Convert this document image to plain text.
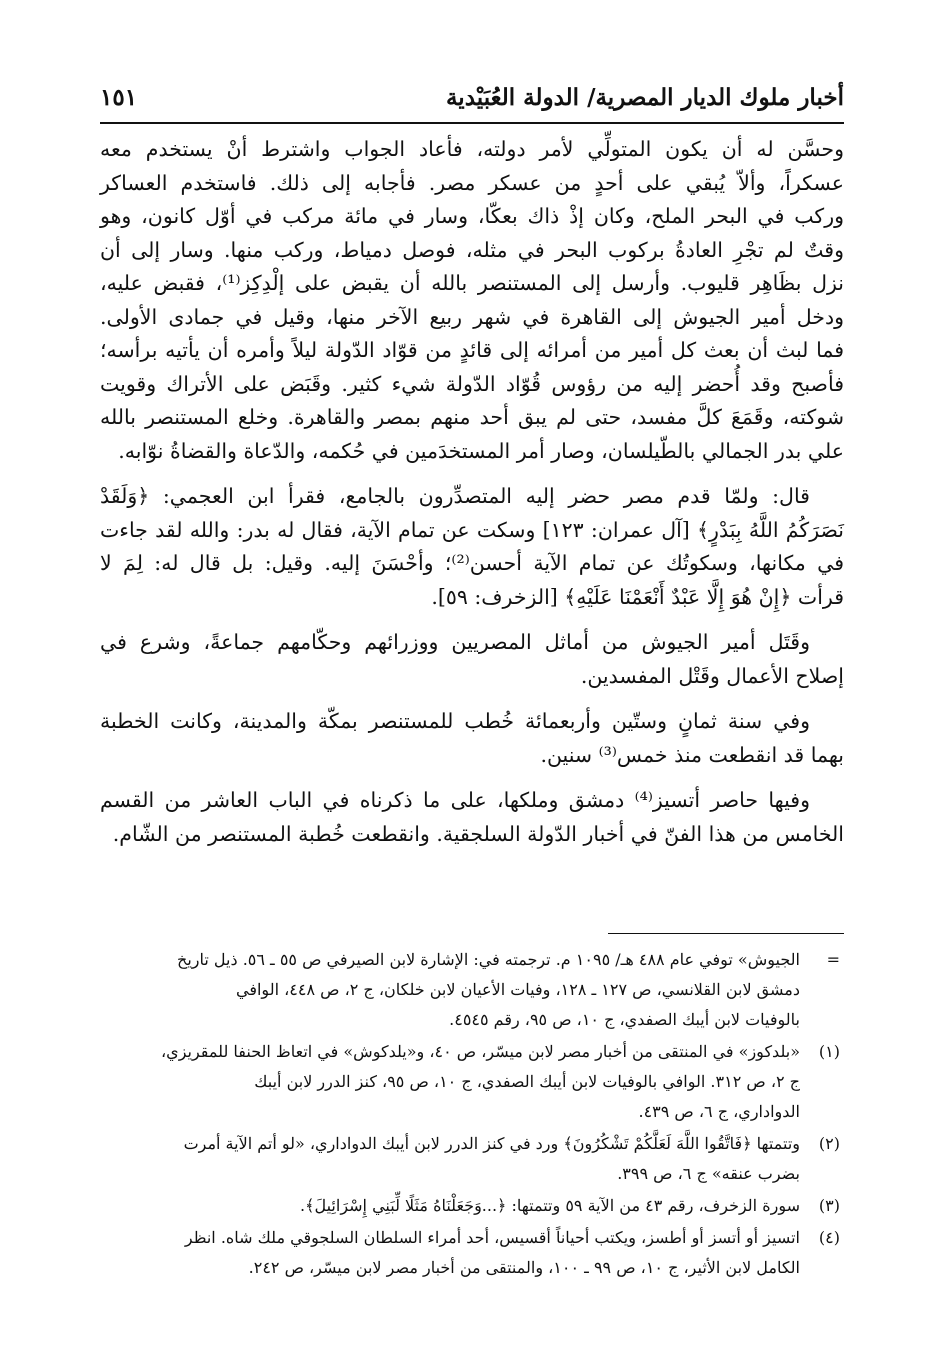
أخبار ملوك الديار المصرية/ الدولة العُبَيْدية
١٥١

وحسَّن له أن يكون المتولِّي لأمر دولته، فأعاد الجواب واشترط أنْ يستخدم معه
عسكراً، وألاّ يُبقي على أحدٍ من عسكر مصر. فأجابه إلى ذلك. فاستخدم العساكر
وركب في البحر الملح، وكان إذْ ذاك بعكّا، وسار في مائة مركب في أوّل كانون، وهو
وقتٌ لم تجْرِ العادةُ بركوب البحر في مثله، فوصل دمياط، وركب منها. وسار إلى أن
نزل بظَاهِر قليوب. وأرسل إلى المستنصر بالله أن يقبض على إلْدِكِز⁽¹⁾، فقبض عليه،
ودخل أمير الجيوش إلى القاهرة في شهر ربيع الآخر منها، وقيل في جمادى الأولى.
فما لبث أن بعث كل أمير من أمرائه إلى قائدٍ من قوّاد الدّولة ليلاً وأمره أن يأتيه برأسه؛
فأصبح وقد أُحضر إليه من رؤوس قُوّاد الدّولة شيء كثير. وقَبَض على الأتراك وقويت
شوكته، وقَمَعَ كلَّ مفسد، حتى لم يبق أحد منهم بمصر والقاهرة. وخلع المستنصر بالله
علي بدر الجمالي بالطّيلسان، وصار أمر المستخدَمين في حُكمه، والدّعاة والقضاةُ نوّابه.

قال: ولمّا قدم مصر حضر إليه المتصدِّرون بالجامع، فقرأ ابن العجمي: ﴿وَلَقَدْ
نَصَرَكُمُ اللَّهُ بِبَدْرٍ﴾ [آل عمران: ١٢٣] وسكت عن تمام الآية، فقال له بدر: والله لقد جاءت
في مكانها، وسكوتُك عن تمام الآية أحسن⁽²⁾؛ وأحْسَنَ إليه. وقيل: بل قال له: لِمَ لا
قرأت ﴿إِنْ هُوَ إِلَّا عَبْدٌ أَنْعَمْنَا عَلَيْهِ﴾ [الزخرف: ٥٩].

وقَتَل أمير الجيوش من أماثل المصريين ووزرائهم وحكّامهم جماعةً، وشرع في
إصلاح الأعمال وقَتْل المفسدين.

وفي سنة ثمانٍ وستّين وأربعمائة خُطب للمستنصر بمكّة والمدينة، وكانت الخطبة
بهما قد انقطعت منذ خمس⁽³⁾ سنين.

وفيها حاصر أتسيز⁽⁴⁾ دمشق وملكها، على ما ذكرناه في الباب العاشر من القسم
الخامس من هذا الفنّ في أخبار الدّولة السلجقية. وانقطعت خُطبة المستنصر من الشّام.

=
الجيوش» توفي عام ٤٨٨ هـ/ ١٠٩٥ م. ترجمته في: الإشارة لابن الصيرفي ص ٥٥ ـ ٥٦. ذيل تاريخ
دمشق لابن القلانسي، ص ١٢٧ ـ ١٢٨، وفيات الأعيان لابن خلكان، ج ٢، ص ٤٤٨، الوافي
بالوفيات لابن أيبك الصفدي، ج ١٠، ص ٩٥، رقم ٤٥٤٥.
(١)
«بلدكوز» في المنتقى من أخبار مصر لابن ميسّر، ص ٤٠، و«يلدكوش» في اتعاظ الحنفا للمقريزي،
ج ٢، ص ٣١٢. الوافي بالوفيات لابن أيبك الصفدي، ج ١٠، ص ٩٥، كنز الدرر لابن أيبك
الدواداري، ج ٦، ص ٤٣٩.
(٢)
وتتمتها ﴿فَاتَّقُوا اللَّهَ لَعَلَّكُمْ تَشْكُرُونَ﴾ ورد في كنز الدرر لابن أيبك الدواداري، «لو أتم الآية أمرت
بضرب عنقه» ج ٦، ص ٣٩٩.
(٣)
سورة الزخرف، رقم ٤٣ من الآية ٥٩ وتتمتها: ﴿...وَجَعَلْنَاهُ مَثَلًا لِّبَنِي إِسْرَائِيلَ﴾.
(٤)
اتسيز أو أتسز أو أطسز، ويكتب أحياناً أقسيس، أحد أمراء السلطان السلجوقي ملك شاه. انظر
الكامل لابن الأثير، ج ١٠، ص ٩٩ ـ ١٠٠، والمنتقى من أخبار مصر لابن ميسّر، ص ٢٤٢.
